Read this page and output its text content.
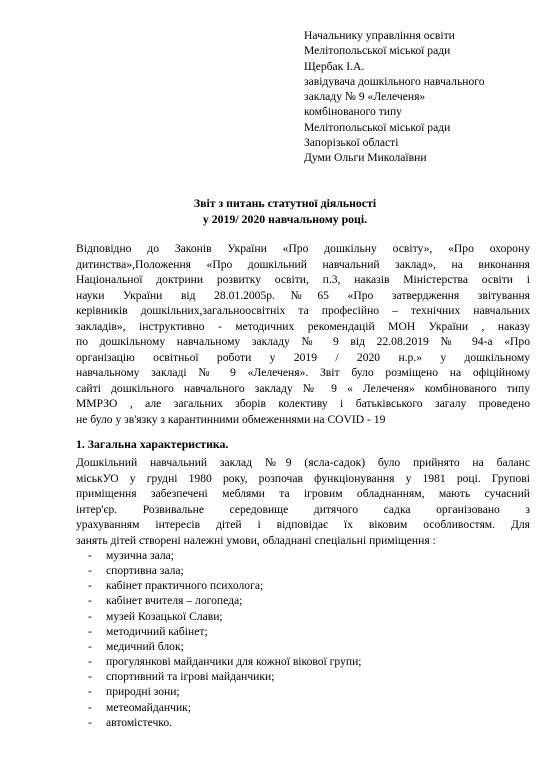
Начальнику управління освіти
Мелітопольської міської ради
Щербак І.А.
завідувача дошкільного навчального
закладу № 9 «Лелеченя»
комбінованого типу
Мелітопольської міської ради
Запорізької області
Думи Ольги Миколаївни
Звіт з питань статутної діяльності
у 2019/ 2020 навчальному році.
Відповідно до Законів України «Про дошкільну освіту», «Про охорону
дитинства»,Положення «Про дошкільний навчальний заклад», на виконання
Національної доктрини розвитку освіти, п.3, наказів Міністерства освіти і
науки України від 28.01.2005р.№65 «Про затвердження звітування
керівників дошкільних,загальноосвітніх та професійно – технічних навчальних
закладів», інструктивно - методичних рекомендацій МОН України , наказу
по дошкільному навчальному закладу № 9 від 22.08.2019 № 94-а «Про
організацію освітньої роботи у 2019 / 2020 н.р.» у дошкільному
навчальному закладі № 9 «Лелеченя». Звіт було розміщено на офіційному
сайті дошкільного навчального закладу № 9 « Лелеченя» комбінованого типу
ММРЗО , але загальних зборів колективу і батьківського загалу проведено
не було у зв'язку з карантинними обмеженнями на COVID - 19
1. Загальна характеристика.
Дошкільний навчальний заклад №9 (ясла-садок) було прийнято на баланс
міськУО у грудні 1980 року, розпочав функціонування у 1981 році. Групові
приміщення забезпечені меблями та ігровим обладнанням, мають сучасний
інтер'єр. Розвивальне середовище дитячого садка організовано з
урахуванням інтересів дітей і відповідає їх віковим особливостям. Для
занять дітей створені належні умови, обладнані спеціальні приміщення :
-	музична зала;
-	спортивна зала;
-	кабінет практичного психолога;
-	кабінет вчителя – логопеда;
-	музей Козацької Слави;
-	методичний кабінет;
-	медичний блок;
-	прогулянкові майданчики для кожної вікової групи;
-	спортивний та ігрові майданчики;
-	природні зони;
-	метеомайданчик;
-	автомістечко.
